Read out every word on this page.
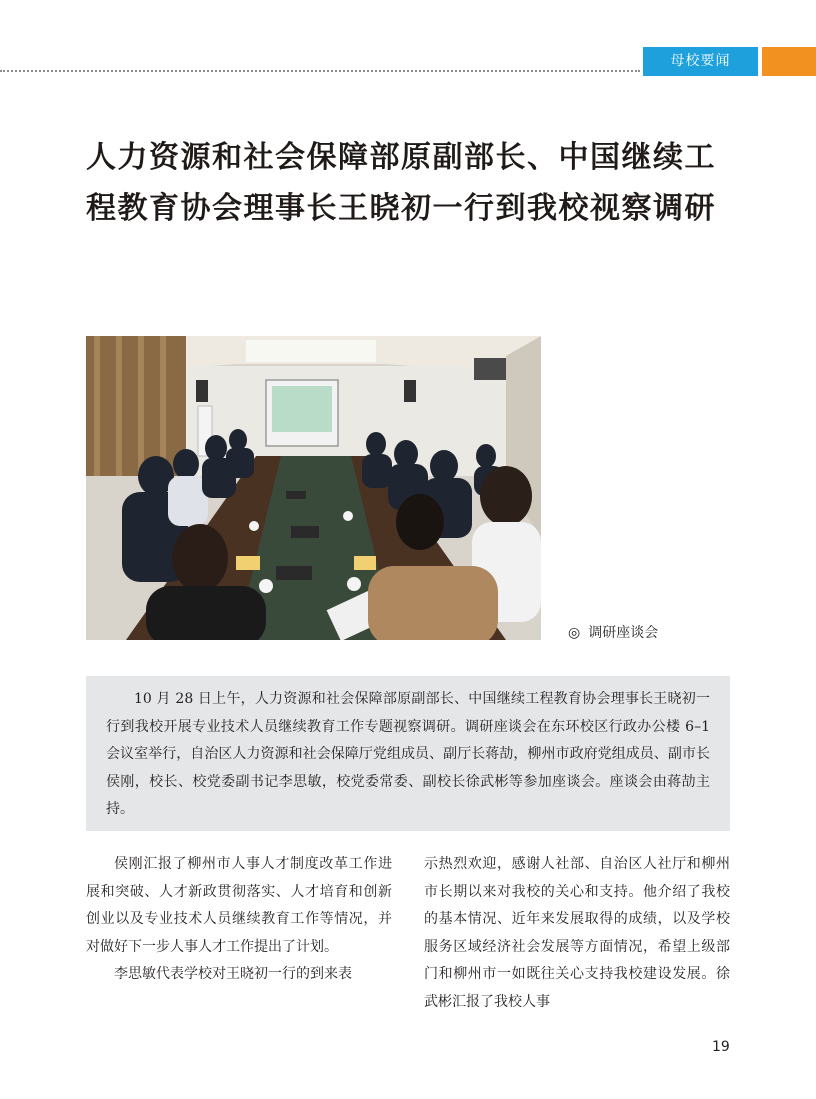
母校要闻
人力资源和社会保障部原副部长、中国继续工程教育协会理事长王晓初一行到我校视察调研
◎ 调研座谈会

10 月 28 日上午，人力资源和社会保障部原副部长、中国继续工程教育协会理事长王晓初一行到我校开展专业技术人员继续教育工作专题视察调研。调研座谈会在东环校区行政办公楼 6–1 会议室举行，自治区人力资源和社会保障厅党组成员、副厅长蒋劼，柳州市政府党组成员、副市长侯刚，校长、校党委副书记李思敏，校党委常委、副校长徐武彬等参加座谈会。座谈会由蒋劼主持。

侯刚汇报了柳州市人事人才制度改革工作进展和突破、人才新政贯彻落实、人才培育和创新创业以及专业技术人员继续教育工作等情况，并对做好下一步人事人才工作提出了计划。

李思敏代表学校对王晓初一行的到来表

示热烈欢迎，感谢人社部、自治区人社厅和柳州市长期以来对我校的关心和支持。他介绍了我校的基本情况、近年来发展取得的成绩，以及学校服务区域经济社会发展等方面情况，希望上级部门和柳州市一如既往关心支持我校建设发展。徐武彬汇报了我校人事

19
